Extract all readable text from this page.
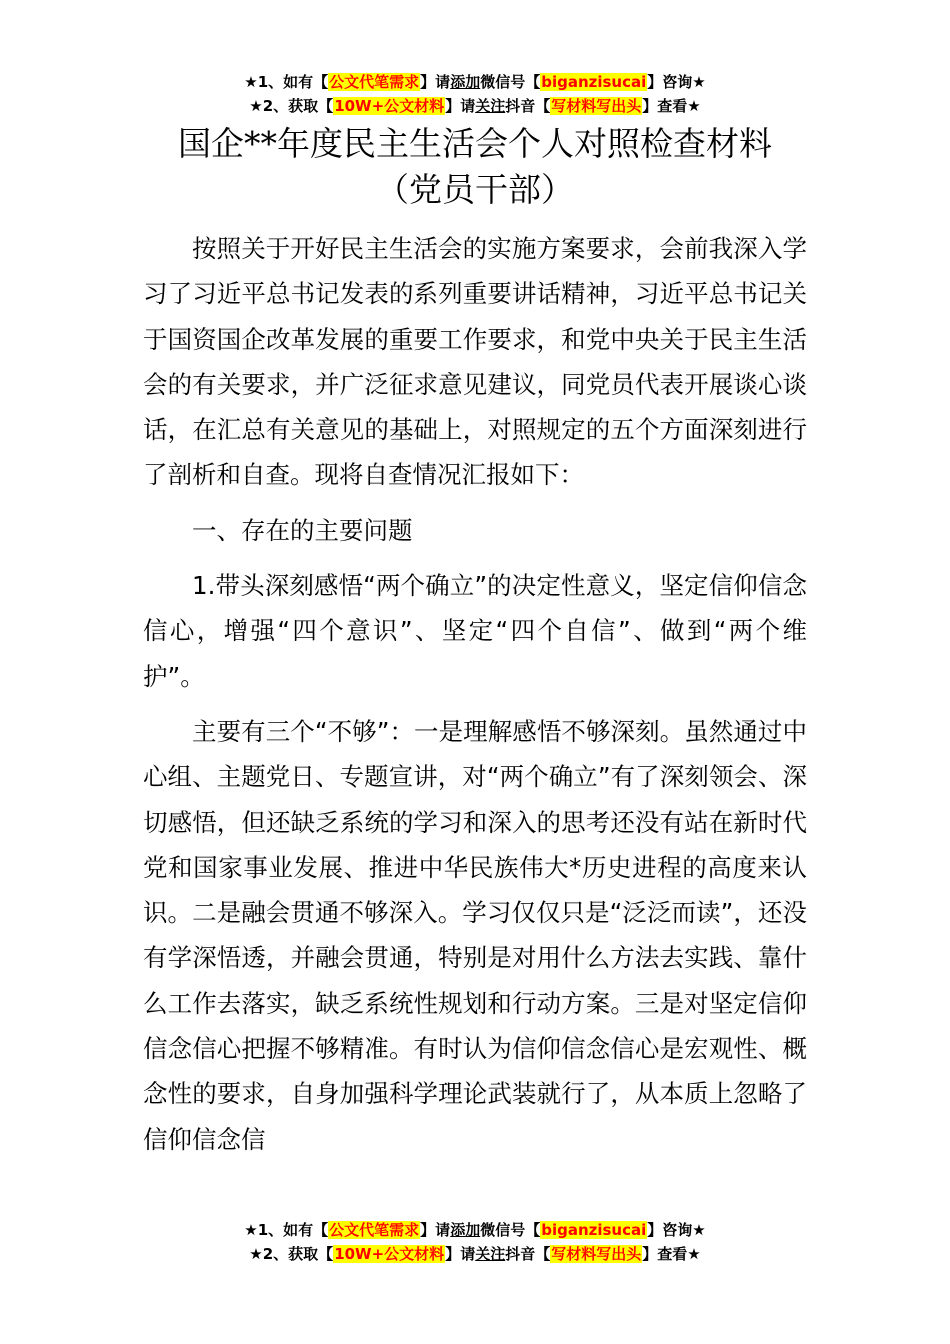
★1、如有【公文代笔需求】请添加微信号【biganzisucai】咨询★
★2、获取【10W+公文材料】请关注抖音【写材料写出头】查看★
国企**年度民主生活会个人对照检查材料
（党员干部）

按照关于开好民主生活会的实施方案要求，会前我深入学习了习近平总书记发表的系列重要讲话精神，习近平总书记关于国资国企改革发展的重要工作要求，和党中央关于民主生活会的有关要求，并广泛征求意见建议，同党员代表开展谈心谈话，在汇总有关意见的基础上，对照规定的五个方面深刻进行了剖析和自查。现将自查情况汇报如下：

一、存在的主要问题

1.带头深刻感悟“两个确立”的决定性意义，坚定信仰信念信心，增强“四个意识”、坚定“四个自信”、做到“两个维护”。

主要有三个“不够”：一是理解感悟不够深刻。虽然通过中心组、主题党日、专题宣讲，对“两个确立”有了深刻领会、深切感悟，但还缺乏系统的学习和深入的思考还没有站在新时代党和国家事业发展、推进中华民族伟大*历史进程的高度来认识。二是融会贯通不够深入。学习仅仅只是“泛泛而读”，还没有学深悟透，并融会贯通，特别是对用什么方法去实践、靠什么工作去落实，缺乏系统性规划和行动方案。三是对坚定信仰信念信心把握不够精准。有时认为信仰信念信心是宏观性、概念性的要求，自身加强科学理论武装就行了，从本质上忽略了信仰信念信

★1、如有【公文代笔需求】请添加微信号【biganzisucai】咨询★
★2、获取【10W+公文材料】请关注抖音【写材料写出头】查看★
